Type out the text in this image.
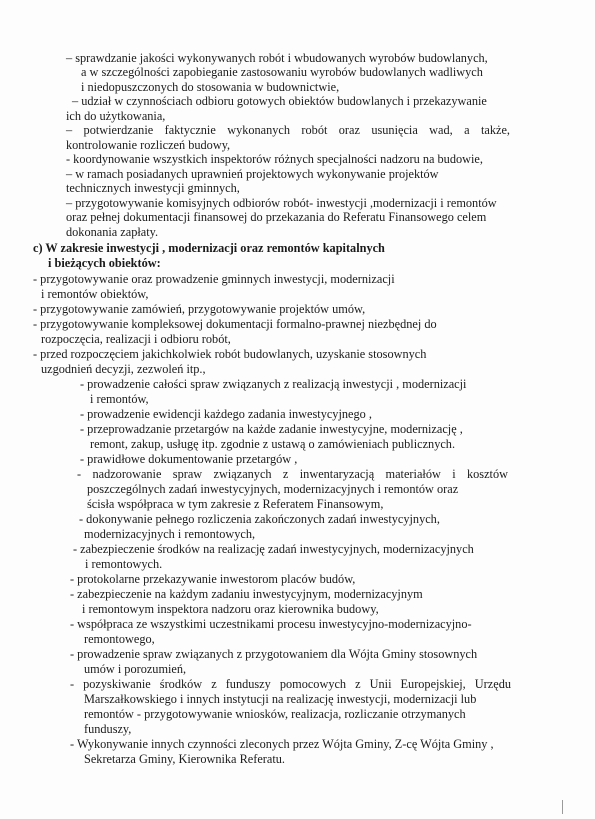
– sprawdzanie jakości wykonywanych robót i wbudowanych wyrobów budowlanych,
a w szczególności zapobieganie zastosowaniu wyrobów budowlanych wadliwych
i niedopuszczonych do stosowania w budownictwie,
– udział w czynnościach odbioru gotowych obiektów budowlanych i przekazywanie
ich do użytkowania,
– potwierdzanie faktycznie wykonanych robót oraz usunięcia wad, a także,
kontrolowanie rozliczeń budowy,
- koordynowanie wszystkich inspektorów różnych specjalności nadzoru na budowie,
– w ramach posiadanych uprawnień projektowych wykonywanie projektów
technicznych inwestycji gminnych,
– przygotowywanie komisyjnych odbiorów robót- inwestycji ,modernizacji i remontów
oraz pełnej dokumentacji finansowej do przekazania do Referatu Finansowego celem
dokonania zapłaty.
c) W zakresie inwestycji , modernizacji oraz remontów kapitalnych
i bieżących obiektów:
- przygotowywanie oraz prowadzenie gminnych inwestycji, modernizacji
i remontów obiektów,
- przygotowywanie zamówień, przygotowywanie projektów umów,
- przygotowywanie kompleksowej dokumentacji formalno-prawnej niezbędnej do
rozpoczęcia, realizacji i odbioru robót,
- przed rozpoczęciem jakichkolwiek robót budowlanych, uzyskanie stosownych
uzgodnień decyzji, zezwoleń itp.,
- prowadzenie całości spraw związanych z realizacją inwestycji , modernizacji
i remontów,
- prowadzenie ewidencji każdego zadania inwestycyjnego ,
- przeprowadzanie przetargów na każde zadanie inwestycyjne, modernizację ,
remont, zakup, usługę itp. zgodnie z ustawą o zamówieniach publicznych.
- prawidłowe dokumentowanie przetargów ,
- nadzorowanie spraw związanych z inwentaryzacją materiałów i kosztów
poszczególnych zadań inwestycyjnych, modernizacyjnych i remontów oraz
ścisła współpraca w tym zakresie z Referatem Finansowym,
- dokonywanie pełnego rozliczenia zakończonych zadań inwestycyjnych,
modernizacyjnych i remontowych,
- zabezpieczenie środków na realizację zadań inwestycyjnych, modernizacyjnych
i remontowych.
- protokolarne przekazywanie inwestorom placów budów,
- zabezpieczenie na każdym zadaniu inwestycyjnym, modernizacyjnym
i remontowym inspektora nadzoru oraz kierownika budowy,
- współpraca ze wszystkimi uczestnikami procesu inwestycyjno-modernizacyjno-
remontowego,
- prowadzenie spraw związanych z przygotowaniem dla Wójta Gminy stosownych
umów i porozumień,
- pozyskiwanie środków z funduszy pomocowych z Unii Europejskiej, Urzędu
Marszałkowskiego i innych instytucji na realizację inwestycji, modernizacji lub
remontów - przygotowywanie wniosków, realizacja, rozliczanie otrzymanych
funduszy,
- Wykonywanie innych czynności zleconych przez Wójta Gminy, Z-cę Wójta Gminy ,
Sekretarza Gminy, Kierownika Referatu.
